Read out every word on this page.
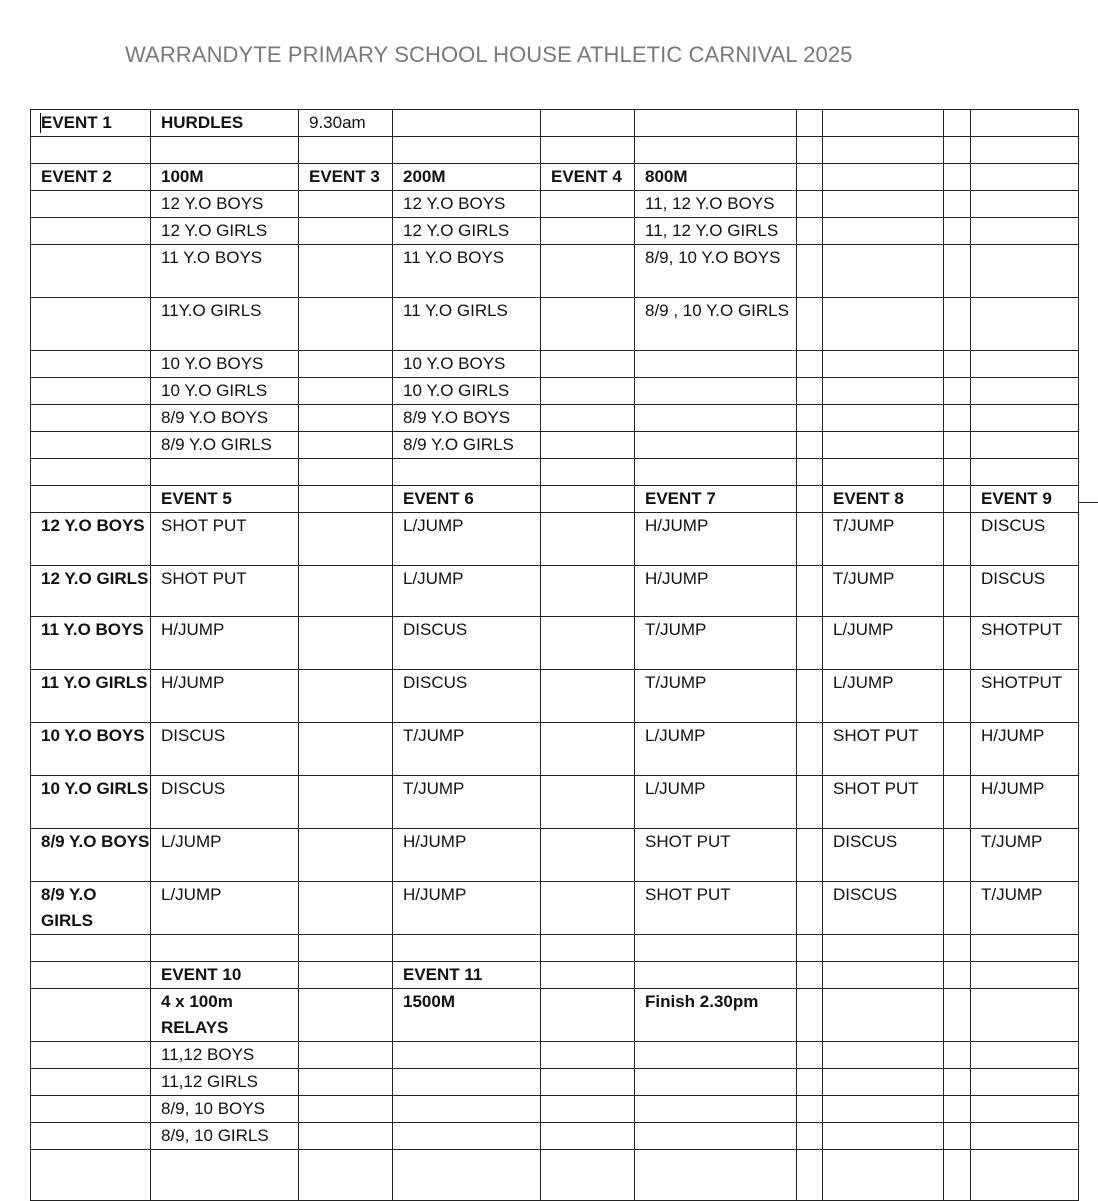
WARRANDYTE PRIMARY SCHOOL HOUSE ATHLETIC CARNIVAL 2025
EVENT 1	HURDLES	9.30am							

EVENT 2	100M	EVENT 3	200M	EVENT 4	800M				
	12 Y.O BOYS		12 Y.O BOYS		11, 12 Y.O BOYS				
	12 Y.O GIRLS		12 Y.O GIRLS		11, 12 Y.O GIRLS				
	11 Y.O BOYS		11 Y.O BOYS		8/9, 10 Y.O BOYS				
	11Y.O GIRLS		11 Y.O GIRLS		8/9 , 10 Y.O GIRLS				
	10 Y.O BOYS		10 Y.O BOYS						
	10 Y.O GIRLS		10 Y.O GIRLS						
	8/9 Y.O BOYS		8/9 Y.O BOYS						
	8/9 Y.O GIRLS		8/9 Y.O GIRLS						

	EVENT 5		EVENT 6		EVENT 7		EVENT 8		EVENT 9
12 Y.O BOYS	SHOT PUT		L/JUMP		H/JUMP		T/JUMP		DISCUS
12 Y.O GIRLS	SHOT PUT		L/JUMP		H/JUMP		T/JUMP		DISCUS
11 Y.O BOYS	H/JUMP		DISCUS		T/JUMP		L/JUMP		SHOTPUT
11 Y.O GIRLS	H/JUMP		DISCUS		T/JUMP		L/JUMP		SHOTPUT
10 Y.O BOYS	DISCUS		T/JUMP		L/JUMP		SHOT PUT		H/JUMP
10 Y.O GIRLS	DISCUS		T/JUMP		L/JUMP		SHOT PUT		H/JUMP
8/9 Y.O BOYS	L/JUMP		H/JUMP		SHOT PUT		DISCUS		T/JUMP
8/9 Y.O GIRLS	L/JUMP		H/JUMP		SHOT PUT		DISCUS		T/JUMP

	EVENT 10		EVENT 11						
	4 x 100m RELAYS		1500M		Finish 2.30pm				
	11,12 BOYS								
	11,12 GIRLS								
	8/9, 10 BOYS								
	8/9, 10 GIRLS								
